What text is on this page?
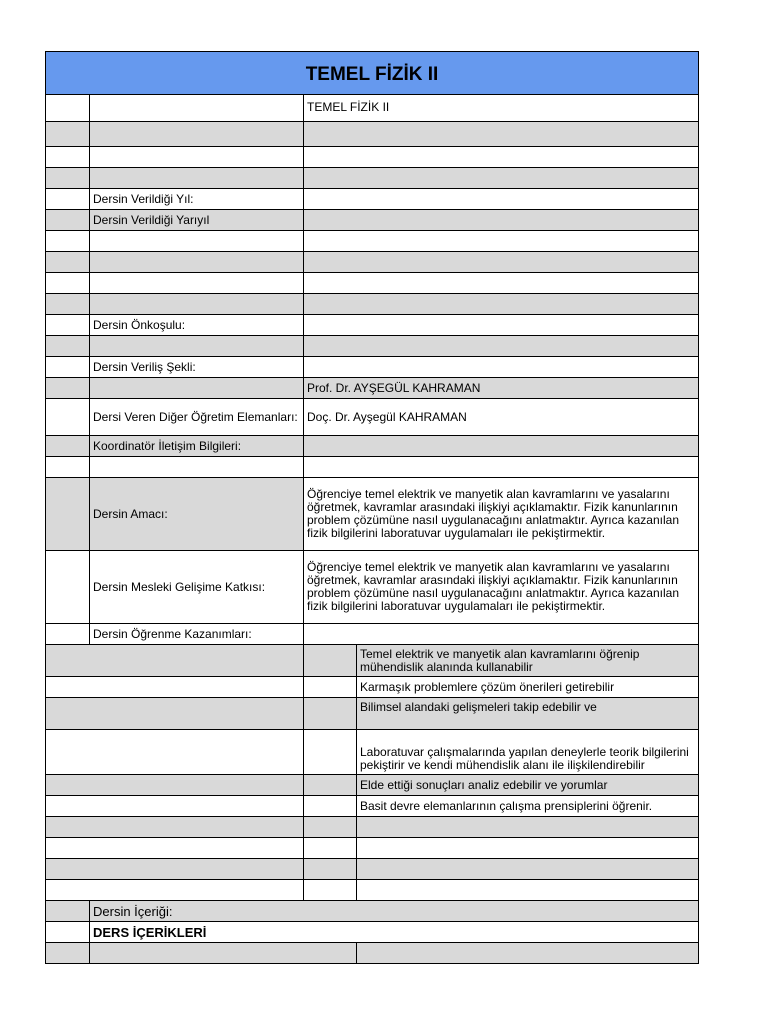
TEMEL FİZİK II			
		TEMEL FİZİK II	

	Dersin Verildiği Yıl:		
	Dersin Verildiği Yarıyıl		

	Dersin Önkoşulu:		

	Dersin Veriliş Şekli:		
		Prof. Dr. AYŞEGÜL KAHRAMAN	
	Dersi Veren Diğer Öğretim Elemanları:	Doç. Dr. Ayşegül KAHRAMAN	
	Koordinatör İletişim Bilgileri:		

	Dersin Amacı:	Öğrenciye temel elektrik ve manyetik alan kavramlarını ve yasalarını öğretmek, kavramlar arasındaki ilişkiyi açıklamaktır. Fizik kanunlarının problem çözümüne nasıl uygulanacağını anlatmaktır. Ayrıca kazanılan fizik bilgilerini laboratuvar uygulamaları ile pekiştirmektir.	
	Dersin Mesleki Gelişime Katkısı:	Öğrenciye temel elektrik ve manyetik alan kavramlarını ve yasalarını öğretmek, kavramlar arasındaki ilişkiyi açıklamaktır. Fizik kanunlarının problem çözümüne nasıl uygulanacağını anlatmaktır. Ayrıca kazanılan fizik bilgilerini laboratuvar uygulamaları ile pekiştirmektir.	
	Dersin Öğrenme Kazanımları:		
			Temel elektrik ve manyetik alan kavramlarını öğrenip mühendislik alanında kullanabilir
			Karmaşık problemlere çözüm önerileri getirebilir
			Bilimsel alandaki gelişmeleri takip edebilir ve
			Laboratuvar çalışmalarında yapılan deneylerle teorik bilgilerini pekiştirir ve kendi mühendislik alanı ile ilişkilendirebilir
			Elde ettiği sonuçları analiz edebilir ve yorumlar
			Basit devre elemanlarının çalışma prensiplerini öğrenir.

	Dersin İçeriği:		
	DERS İÇERİKLERİ		
